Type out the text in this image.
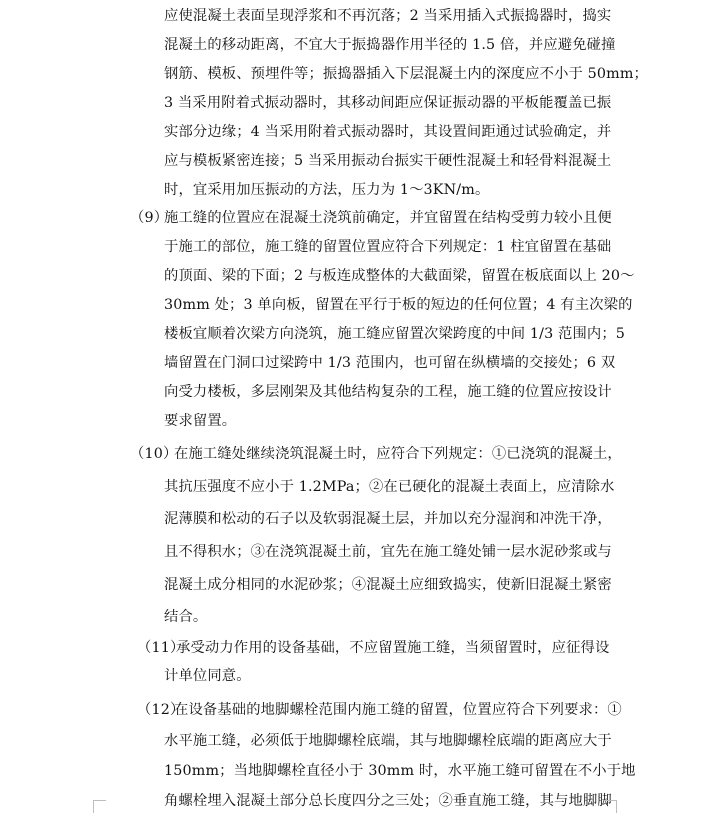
应使混凝土表面呈现浮浆和不再沉落；2 当采用插入式振捣器时，捣实
混凝土的移动距离，不宜大于振捣器作用半径的 1.5 倍，并应避免碰撞
钢筋、模板、预埋件等；振捣器插入下层混凝土内的深度应不小于 50mm；
3 当采用附着式振动器时，其移动间距应保证振动器的平板能覆盖已振
实部分边缘；4 当采用附着式振动器时，其设置间距通过试验确定，并
应与模板紧密连接；5 当采用振动台振实干硬性混凝土和轻骨料混凝土
时，宜采用加压振动的方法，压力为 1～3KN/m。
（9）
施工缝的位置应在混凝土浇筑前确定，并宜留置在结构受剪力较小且便
于施工的部位，施工缝的留置位置应符合下列规定：1 柱宜留置在基础
的顶面、梁的下面；2 与板连成整体的大截面梁，留置在板底面以上 20～
30mm 处；3 单向板，留置在平行于板的短边的任何位置；4 有主次梁的
楼板宜顺着次梁方向浇筑，施工缝应留置次梁跨度的中间 1/3 范围内；5
墙留置在门洞口过梁跨中 1/3 范围内，也可留在纵横墙的交接处；6 双
向受力楼板，多层刚架及其他结构复杂的工程，施工缝的位置应按设计
要求留置。
（10）
在施工缝处继续浇筑混凝土时，应符合下列规定：①已浇筑的混凝土，
其抗压强度不应小于 1.2MPa；②在已硬化的混凝土表面上，应清除水
泥薄膜和松动的石子以及软弱混凝土层，并加以充分湿润和冲洗干净，
且不得积水；③在浇筑混凝土前，宜先在施工缝处铺一层水泥砂浆或与
混凝土成分相同的水泥砂浆；④混凝土应细致捣实，使新旧混凝土紧密
结合。
（11）
承受动力作用的设备基础，不应留置施工缝，当须留置时，应征得设
计单位同意。
（12）
在设备基础的地脚螺栓范围内施工缝的留置，位置应符合下列要求：①
水平施工缝，必须低于地脚螺栓底端，其与地脚螺栓底端的距离应大于
150mm；当地脚螺栓直径小于 30mm 时，水平施工缝可留置在不小于地
角螺栓埋入混凝土部分总长度四分之三处；②垂直施工缝，其与地脚脚
